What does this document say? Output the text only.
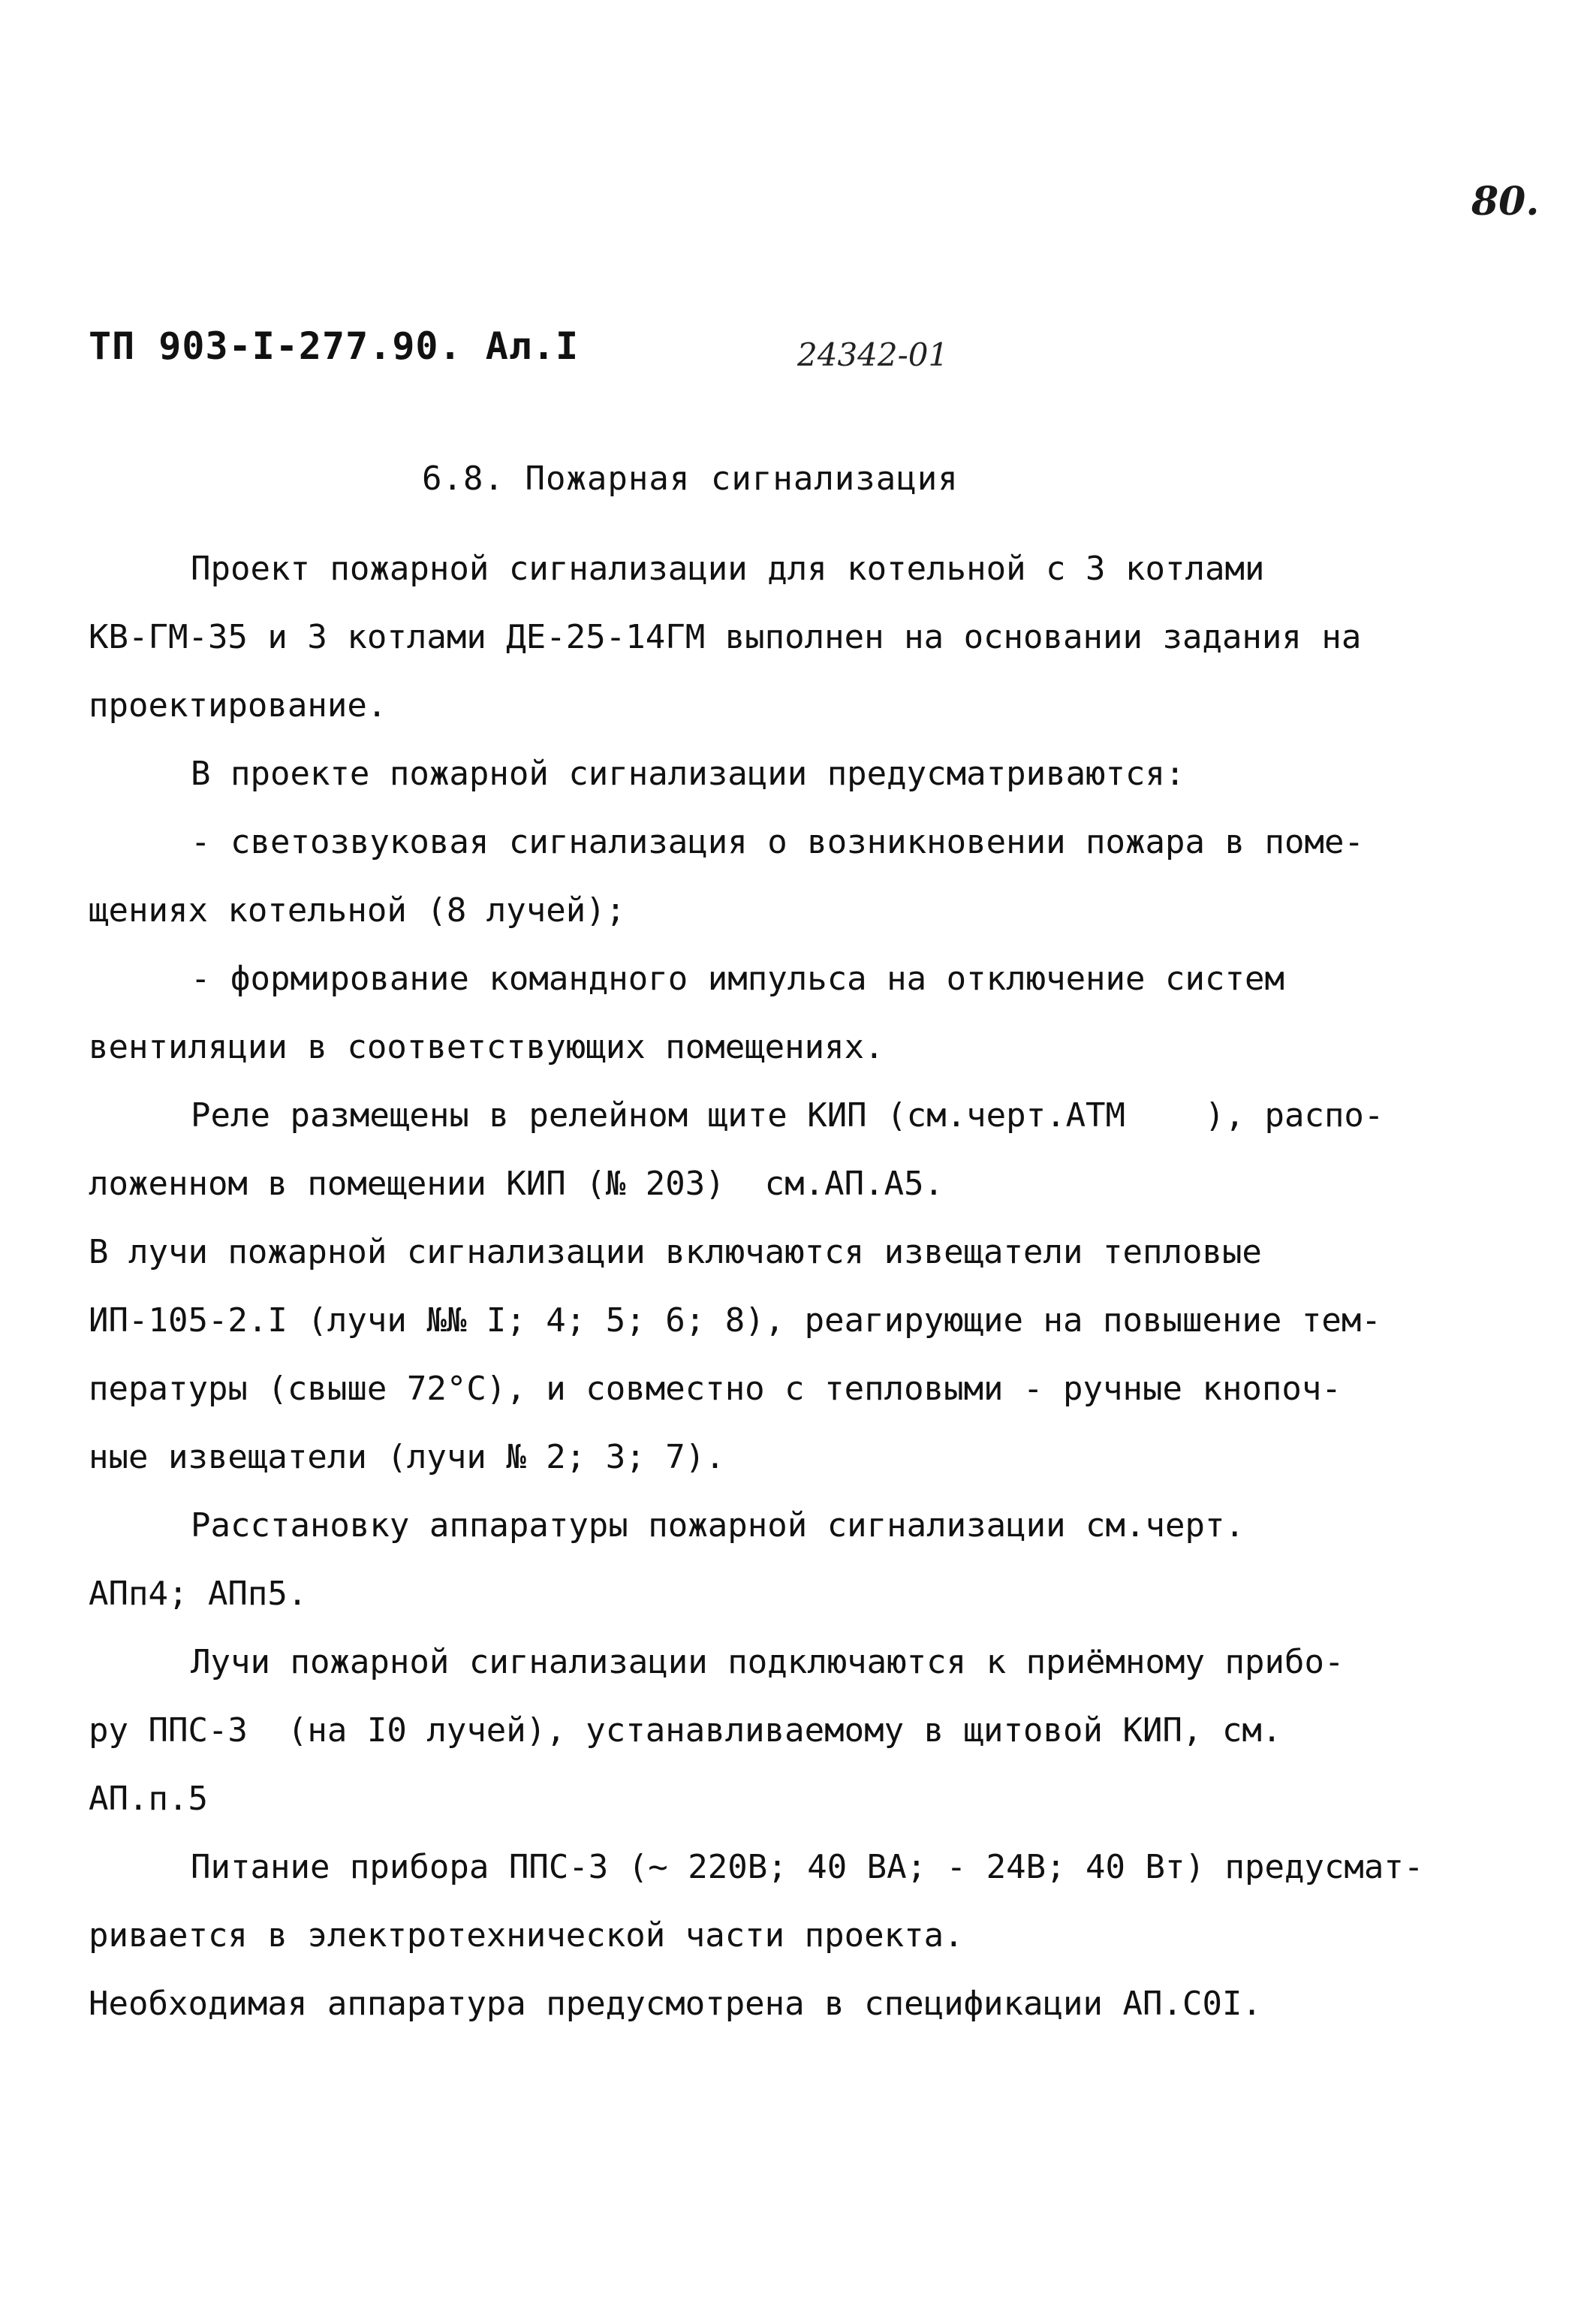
80.
ТП 903-I-277.90. Ал.I	24342-01
6.8. Пожарная сигнализация
Проект пожарной сигнализации для котельной с 3 котлами
КВ-ГМ-35 и 3 котлами ДЕ-25-14ГМ выполнен на основании задания на
проектирование.
В проекте пожарной сигнализации предусматриваются:
- светозвуковая сигнализация о возникновении пожара в поме-
щениях котельной (8 лучей);
- формирование командного импульса на отключение систем
вентиляции в соответствующих помещениях.
Реле размещены в релейном щите КИП (см.черт.АТМ    ), распо-
ложенном в помещении КИП (№ 203)  см.АП.А5.
В лучи пожарной сигнализации включаются извещатели тепловые
ИП-105-2.I (лучи №№ I; 4; 5; 6; 8), реагирующие на повышение тем-
пературы (свыше 72°С), и совместно с тепловыми - ручные кнопоч-
ные извещатели (лучи № 2; 3; 7).
Расстановку аппаратуры пожарной сигнализации см.черт.
АПп4; АПп5.
Лучи пожарной сигнализации подключаются к приёмному прибо-
ру ППС-3  (на I0 лучей), устанавливаемому в щитовой КИП, см.
АП.п.5
Питание прибора ППС-3 (~ 220В; 40 ВА; - 24В; 40 Вт) предусмат-
ривается в электротехнической части проекта.
Необходимая аппаратура предусмотрена в спецификации АП.С0I.
